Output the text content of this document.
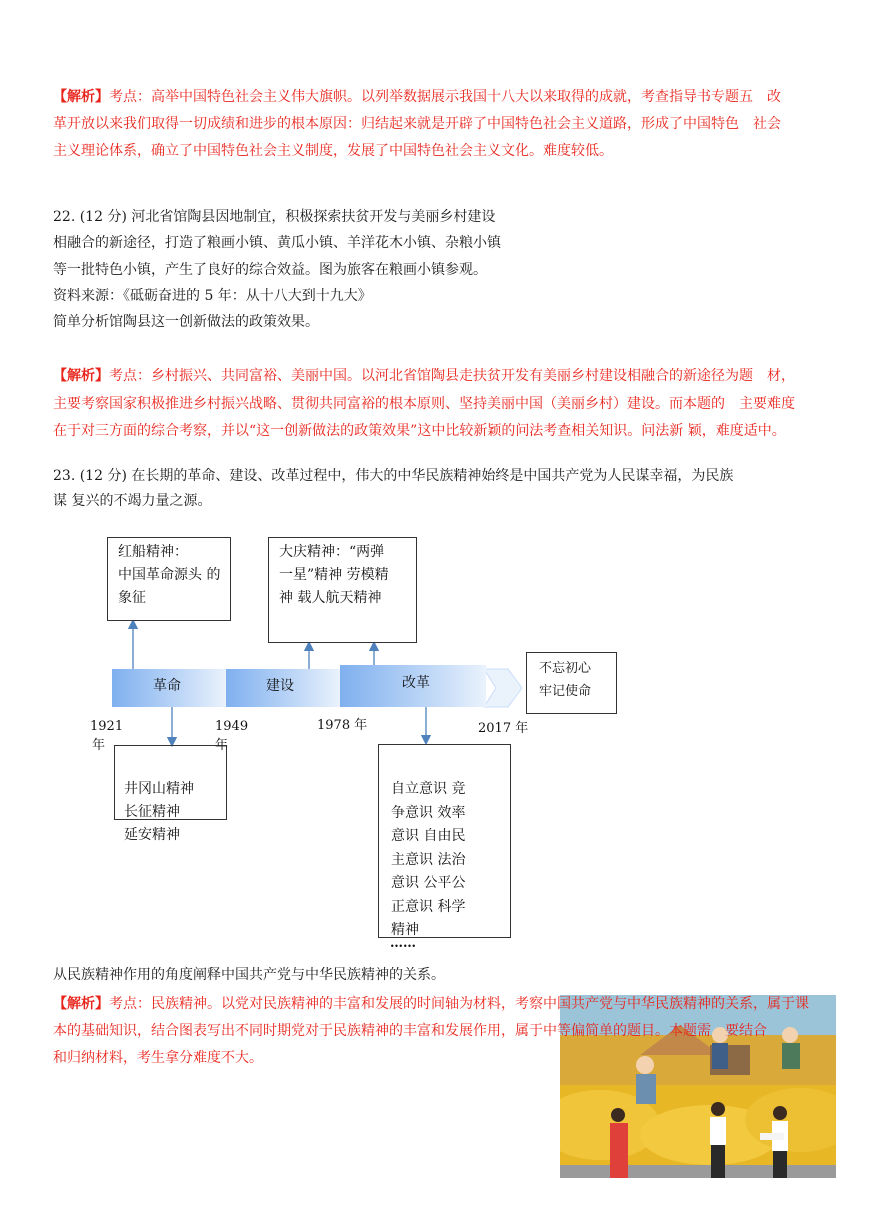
【解析】考点：高举中国特色社会主义伟大旗帜。以列举数据展示我国十八大以来取得的成就，考查指导书专题五　改
革开放以来我们取得一切成绩和进步的根本原因：归结起来就是开辟了中国特色社会主义道路，形成了中国特色　社会
主义理论体系，确立了中国特色社会主义制度，发展了中国特色社会主义文化。难度较低。
22. (12 分) 河北省馆陶县因地制宜，积极探索扶贫开发与美丽乡村建设
相融合的新途径，打造了粮画小镇、黄瓜小镇、羊洋花木小镇、杂粮小镇
等一批特色小镇，产生了良好的综合效益。图为旅客在粮画小镇参观。
资料来源：《砥砺奋进的 5 年：从十八大到十九大》
简单分析馆陶县这一创新做法的政策效果。
【解析】考点：乡村振兴、共同富裕、美丽中国。以河北省馆陶县走扶贫开发有美丽乡村建设相融合的新途径为题　材，
主要考察国家积极推进乡村振兴战略、贯彻共同富裕的根本原则、坚持美丽中国（美丽乡村）建设。而本题的　主要难度
在于对三方面的综合考察，并以“这一创新做法的政策效果”这中比较新颖的问法考查相关知识。问法新 颖，难度适中。
23. (12 分) 在长期的革命、建设、改革过程中，伟大的中华民族精神始终是中国共产党为人民谋幸福，为民族
谋 复兴的不竭力量之源。
革命	建设	改革
红船精神：
中国革命源头 的
象征
大庆精神：“两弹
一星”精神 劳模精
神 载人航天精神
不忘初心
牢记使命
1921
年
1949
年
1978 年	2017 年
井冈山精神
长征精神
延安精神
自立意识 竞
争意识 效率
意识 自由民
主意识 法治
意识 公平公
正意识 科学
精神
……
从民族精神作用的角度阐释中国共产党与中华民族精神的关系。
【解析】考点：民族精神。以党对民族精神的丰富和发展的时间轴为材料，考察中国共产党与中华民族精神的关系，属于课
本的基础知识，结合图表写出不同时期党对于民族精神的丰富和发展作用，属于中等偏简单的题目。本题需　要结合
和归纳材料，考生拿分难度不大。
